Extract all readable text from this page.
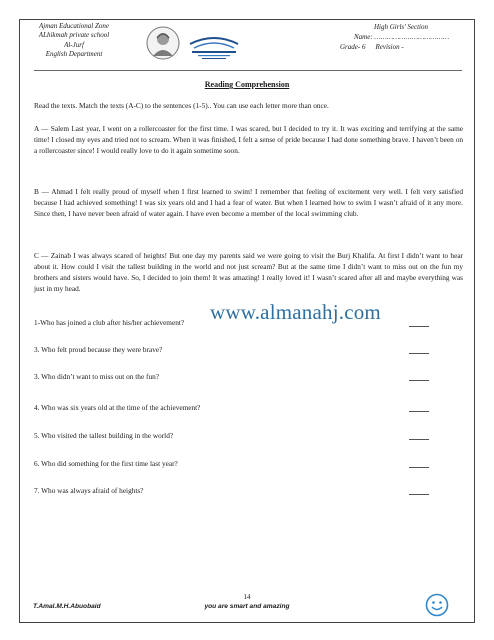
Ajman Educational Zone
ALhikmah private school
Al-Jurf
English Department
High Girls' Section
Name: ………………………………
Grade- 6 Revision -
Reading Comprehension
Read the texts. Match the texts (A-C) to the sentences (1-5).. You can use each letter more than once.
A — Salem Last year, I went on a rollercoaster for the first time. I was scared, but I decided to try it. It was exciting and terrifying at the same time! I closed my eyes and tried not to scream. When it was finished, I felt a sense of pride because I had done something brave. I haven’t been on a rollercoaster since! I would really love to do it again sometime soon.
B — Ahmad I felt really proud of myself when I first learned to swim! I remember that feeling of excitement very well. I felt very satisfied because I had achieved something! I was six years old and I had a fear of water. But when I learned how to swim I wasn’t afraid of it any more. Since then, I have never been afraid of water again. I have even become a member of the local swimming club.
C — Zainab I was always scared of heights! But one day my parents said we were going to visit the Burj Khalifa. At first I didn’t want to hear about it. How could I visit the tallest building in the world and not just scream? But at the same time I didn’t want to miss out on the fun my brothers and sisters would have. So, I decided to join them! It was amazing! I really loved it! I wasn’t scared after all and maybe everything was just in my head.
www.almanahj.com
1-Who has joined a club after his/her achievement?
3. Who felt proud because they were brave?
3. Who didn’t want to miss out on the fun?
4. Who was six years old at the time of the achievement?
5. Who visited the tallest building in the world?
6. Who did something for the first time last year?
7. Who was always afraid of heights?
14
T.Amal.M.H.Abuobaid	you are smart and amazing
